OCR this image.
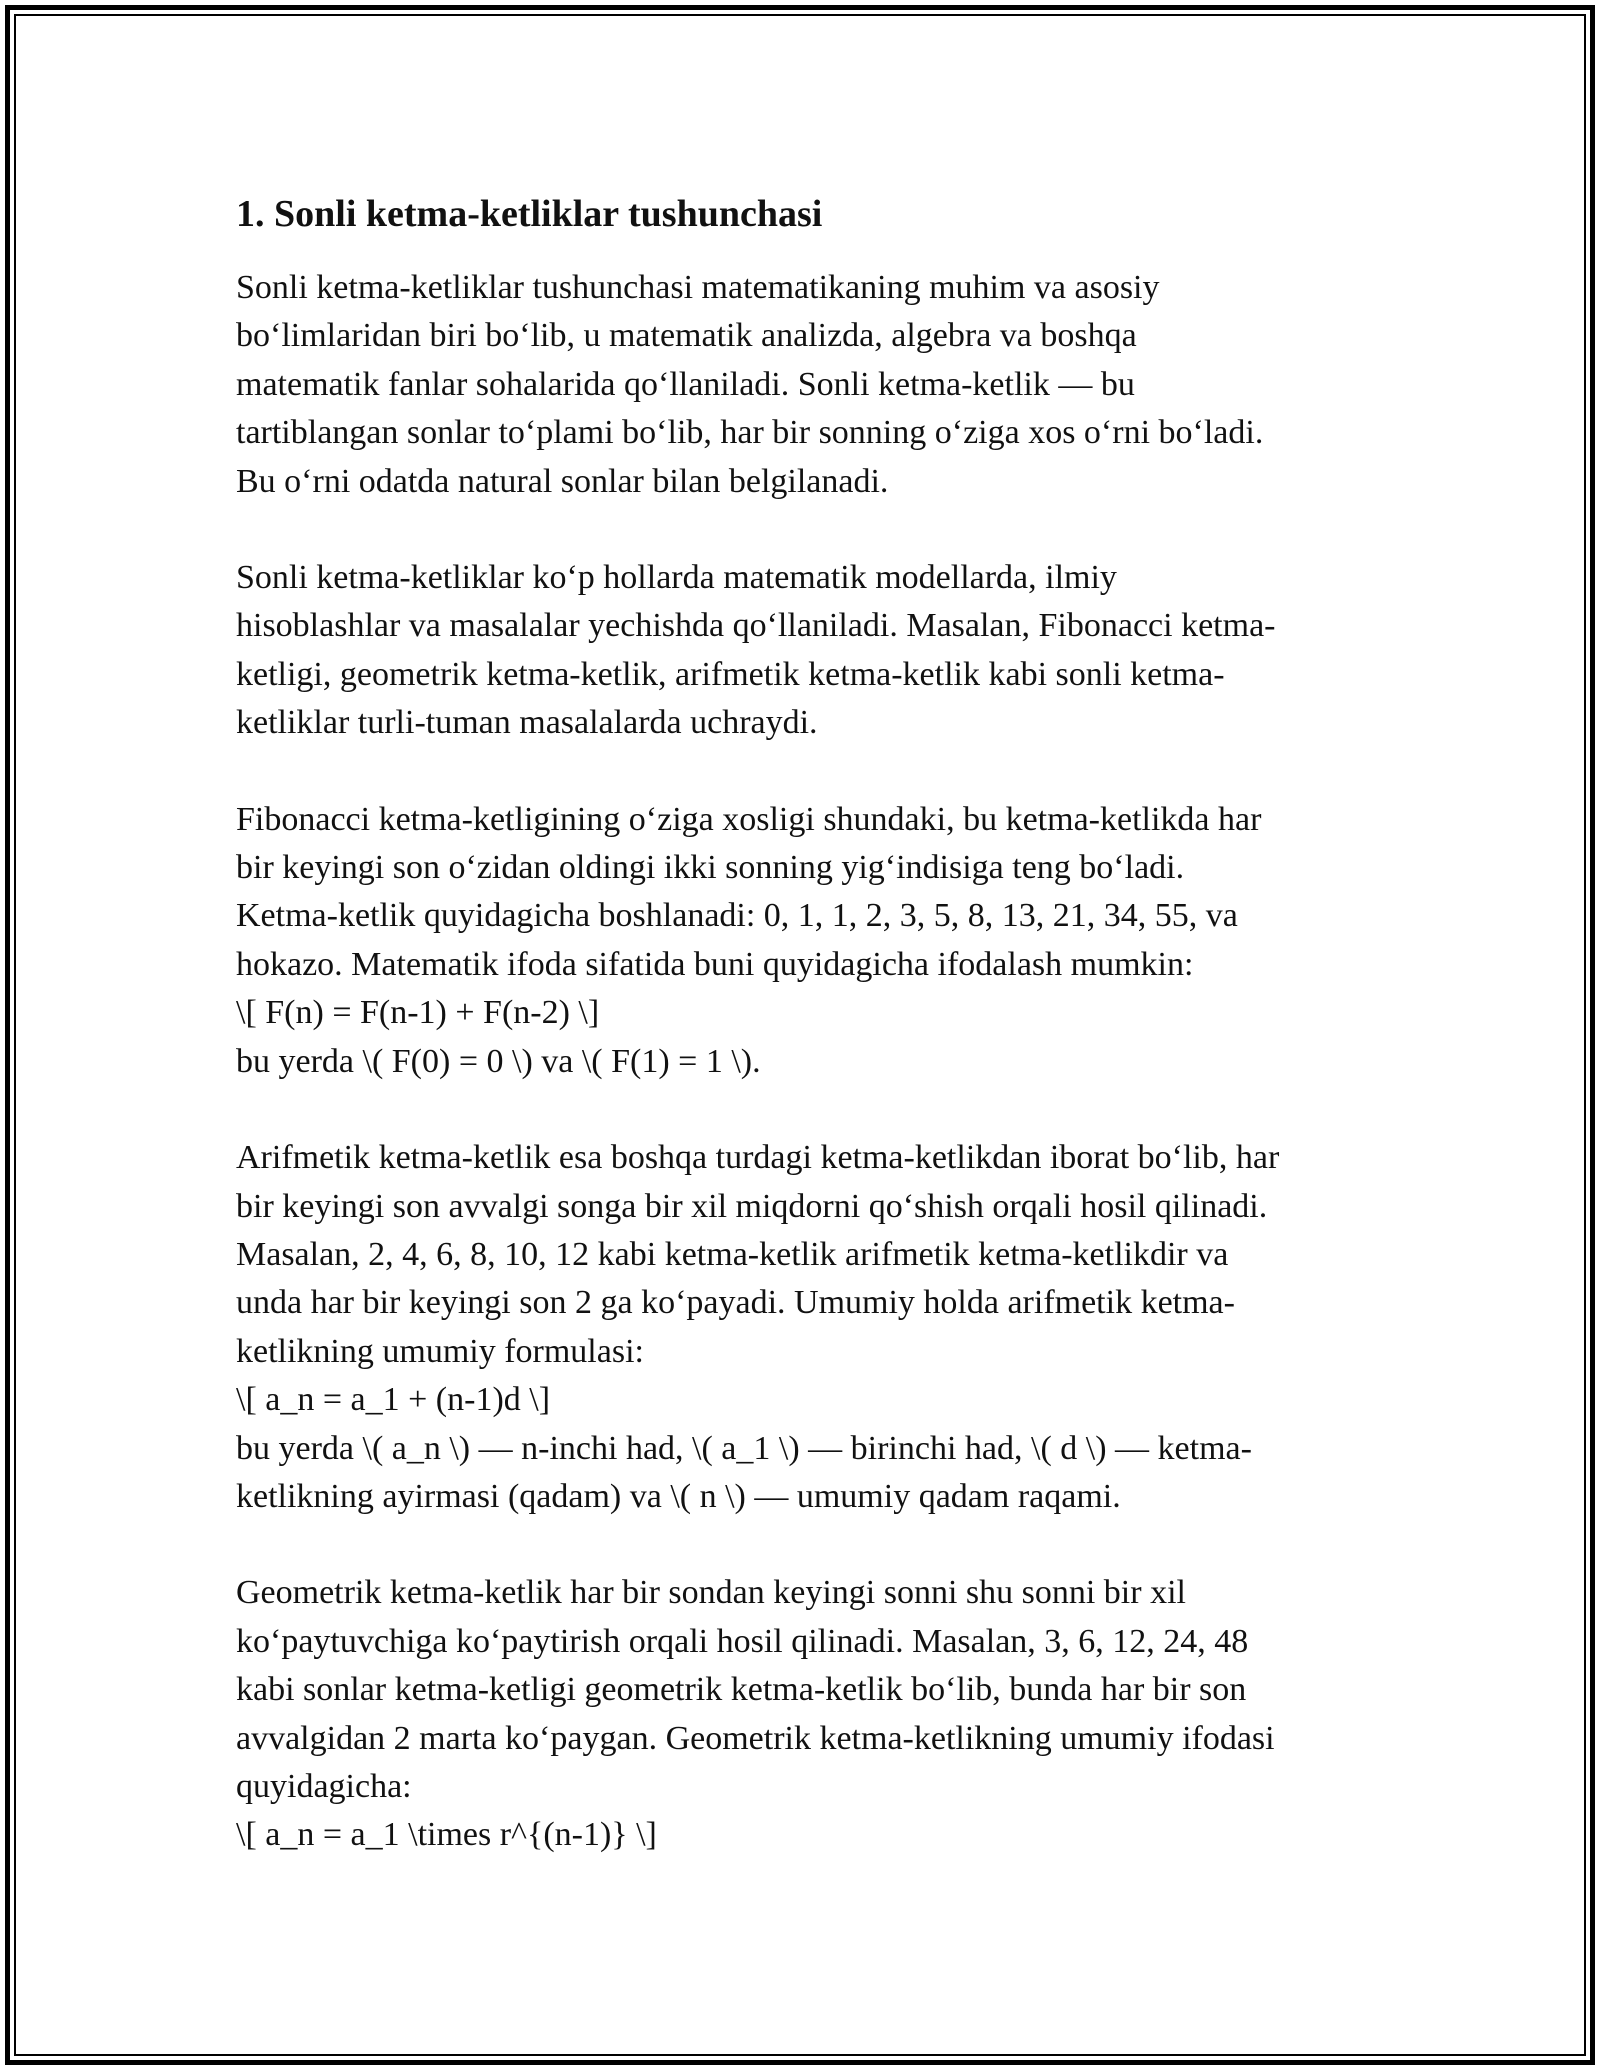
1. Sonli ketma-ketliklar tushunchasi

Sonli ketma-ketliklar tushunchasi matematikaning muhim va asosiy
bo‘limlaridan biri bo‘lib, u matematik analizda, algebra va boshqa
matematik fanlar sohalarida qo‘llaniladi. Sonli ketma-ketlik — bu
tartiblangan sonlar to‘plami bo‘lib, har bir sonning o‘ziga xos o‘rni bo‘ladi.
Bu o‘rni odatda natural sonlar bilan belgilanadi.

Sonli ketma-ketliklar ko‘p hollarda matematik modellarda, ilmiy
hisoblashlar va masalalar yechishda qo‘llaniladi. Masalan, Fibonacci ketma-
ketligi, geometrik ketma-ketlik, arifmetik ketma-ketlik kabi sonli ketma-
ketliklar turli-tuman masalalarda uchraydi.

Fibonacci ketma-ketligining o‘ziga xosligi shundaki, bu ketma-ketlikda har
bir keyingi son o‘zidan oldingi ikki sonning yig‘indisiga teng bo‘ladi.
Ketma-ketlik quyidagicha boshlanadi: 0, 1, 1, 2, 3, 5, 8, 13, 21, 34, 55, va
hokazo. Matematik ifoda sifatida buni quyidagicha ifodalash mumkin:
\[ F(n) = F(n-1) + F(n-2) \]
bu yerda \( F(0) = 0 \) va \( F(1) = 1 \).

Arifmetik ketma-ketlik esa boshqa turdagi ketma-ketlikdan iborat bo‘lib, har
bir keyingi son avvalgi songa bir xil miqdorni qo‘shish orqali hosil qilinadi.
Masalan, 2, 4, 6, 8, 10, 12 kabi ketma-ketlik arifmetik ketma-ketlikdir va
unda har bir keyingi son 2 ga ko‘payadi. Umumiy holda arifmetik ketma-
ketlikning umumiy formulasi:
\[ a_n = a_1 + (n-1)d \]
bu yerda \( a_n \) — n-inchi had, \( a_1 \) — birinchi had, \( d \) — ketma-
ketlikning ayirmasi (qadam) va \( n \) — umumiy qadam raqami.

Geometrik ketma-ketlik har bir sondan keyingi sonni shu sonni bir xil
ko‘paytuvchiga ko‘paytirish orqali hosil qilinadi. Masalan, 3, 6, 12, 24, 48
kabi sonlar ketma-ketligi geometrik ketma-ketlik bo‘lib, bunda har bir son
avvalgidan 2 marta ko‘paygan. Geometrik ketma-ketlikning umumiy ifodasi
quyidagicha:
\[ a_n = a_1 \times r^{(n-1)} \]
